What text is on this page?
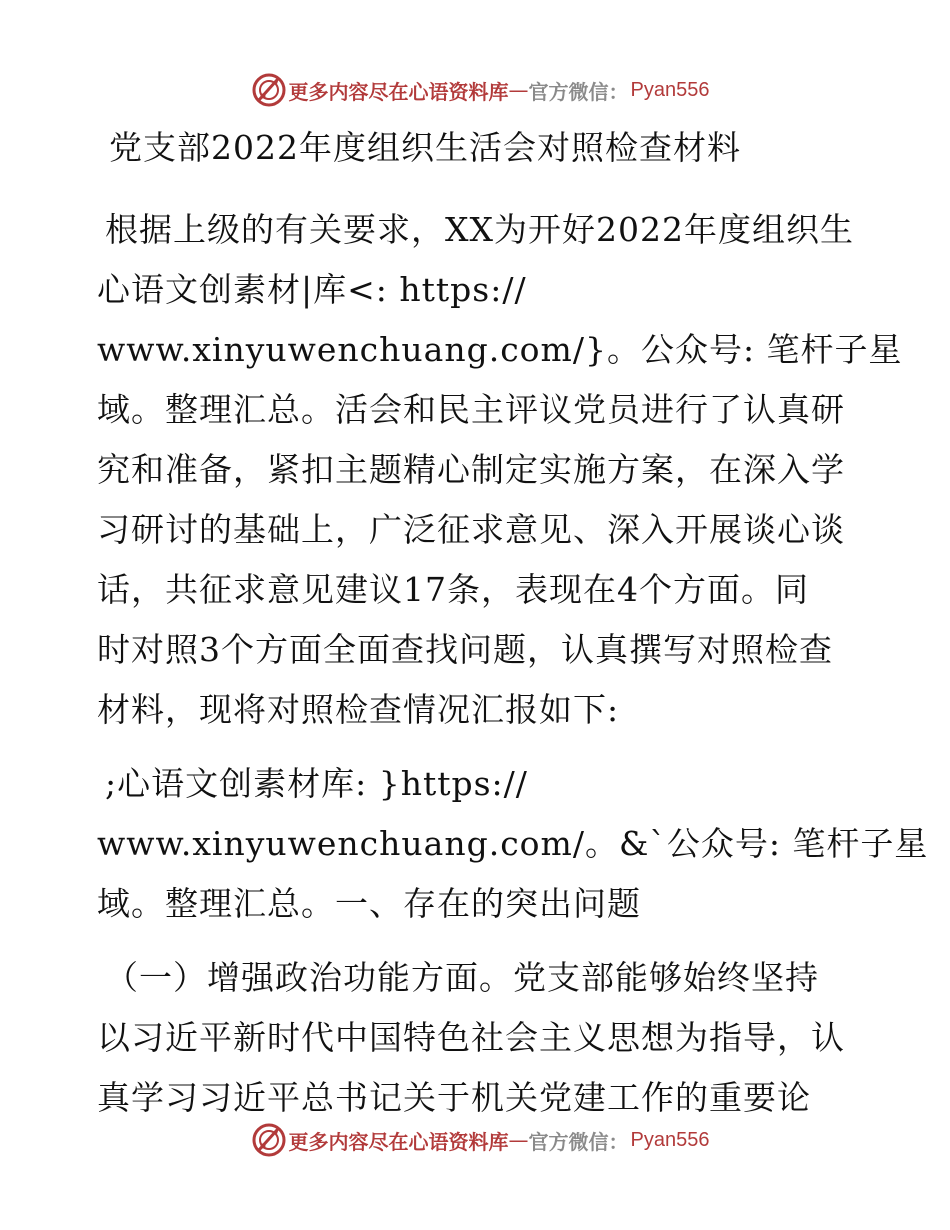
更多内容尽在心语资料库 — 官方微信： Pyan556
党支部2022年度组织生活会对照检查材料

根据上级的有关要求，XX为开好2022年度组织生
心语文创素材|库<: https://
www.xinyuwenchuang.com/}。公众号: 笔杆子星
域。整理汇总。活会和民主评议党员进行了认真研
究和准备，紧扣主题精心制定实施方案，在深入学
习研讨的基础上，广泛征求意见、深入开展谈心谈
话，共征求意见建议17条，表现在4个方面。同
时对照3个方面全面查找问题，认真撰写对照检查
材料，现将对照检查情况汇报如下:

;心语文创素材库: }https://
www.xinyuwenchuang.com/。&`公众号: 笔杆子星
域。整理汇总。一、存在的突出问题

（一）增强政治功能方面。党支部能够始终坚持
以习近平新时代中国特色社会主义思想为指导，认
真学习习近平总书记关于机关党建工作的重要论

更多内容尽在心语资料库 — 官方微信： Pyan556
